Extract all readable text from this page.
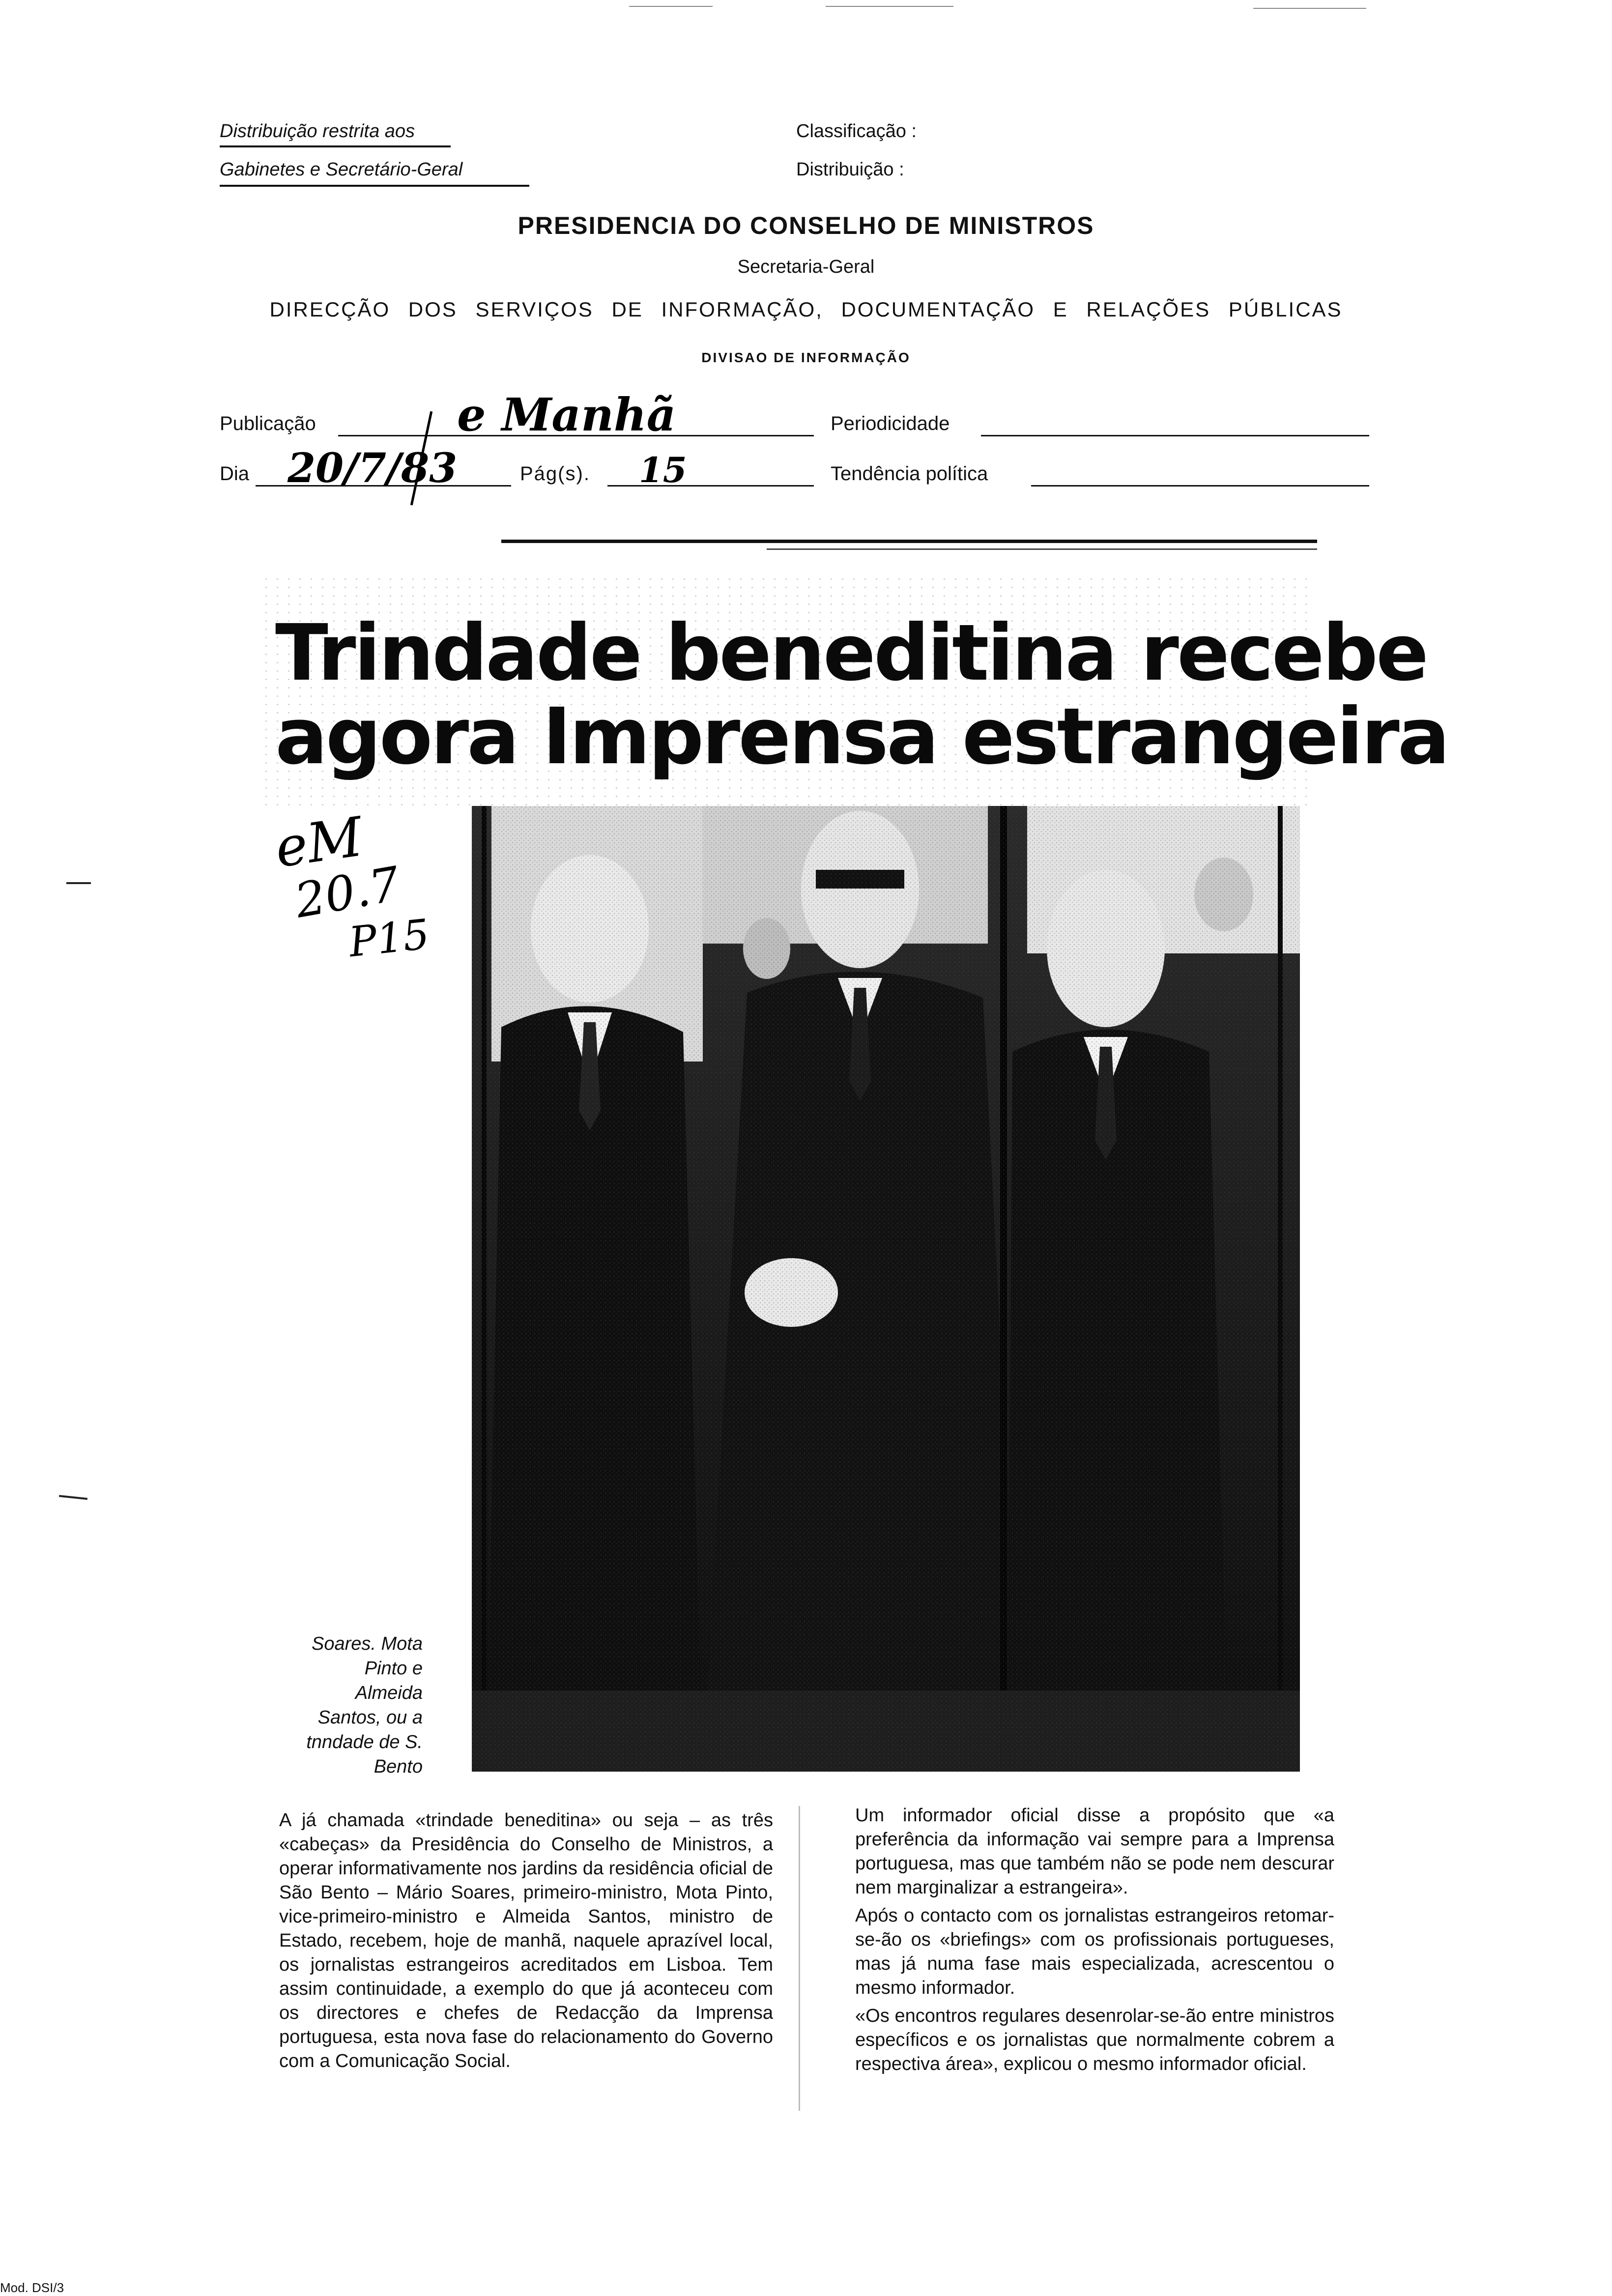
Distribuição restrita aos
Gabinetes e Secretário-Geral
Classificação :
Distribuição :
PRESIDENCIA DO CONSELHO DE MINISTROS
Secretaria-Geral
DIRECÇÃO DOS SERVIÇOS DE INFORMAÇÃO, DOCUMENTAÇÃO E RELAÇÕES PÚBLICAS
DIVISAO DE INFORMAÇÃO
Publicação	e Manhã	Periodicidade
Dia 20/7/83	Pág(s). 15	Tendência política
Trindade beneditina recebe
agora Imprensa estrangeira
eM
20.7
P15
Soares. Mota
Pinto e
Almeida
Santos, ou a
tnndade de S.
Bento

A já chamada «trindade beneditina» ou seja – as três «cabeças» da Presidência do Conselho de Ministros, a operar informativamente nos jardins da residência oficial de São Bento – Mário Soares, primeiro-ministro, Mota Pinto, vice-primeiro-ministro e Almeida Santos, ministro de Estado, recebem, hoje de manhã, naquele aprazível local, os jornalistas estrangeiros acreditados em Lisboa. Tem assim continuidade, a exemplo do que já aconteceu com os directores e chefes de Redacção da Imprensa portuguesa, esta nova fase do relacionamento do Governo com a Comunicação Social.

Um informador oficial disse a propósito que «a preferência da informação vai sempre para a Imprensa portuguesa, mas que também não se pode nem descurar nem marginalizar a estrangeira».

Após o contacto com os jornalistas estrangeiros retomar-se-ão os «briefings» com os profissionais portugueses, mas já numa fase mais especializada, acrescentou o mesmo informador.

«Os encontros regulares desenrolar-se-ão entre ministros específicos e os jornalistas que normalmente cobrem a respectiva área», explicou o mesmo informador oficial.

Mod. DSI/3
